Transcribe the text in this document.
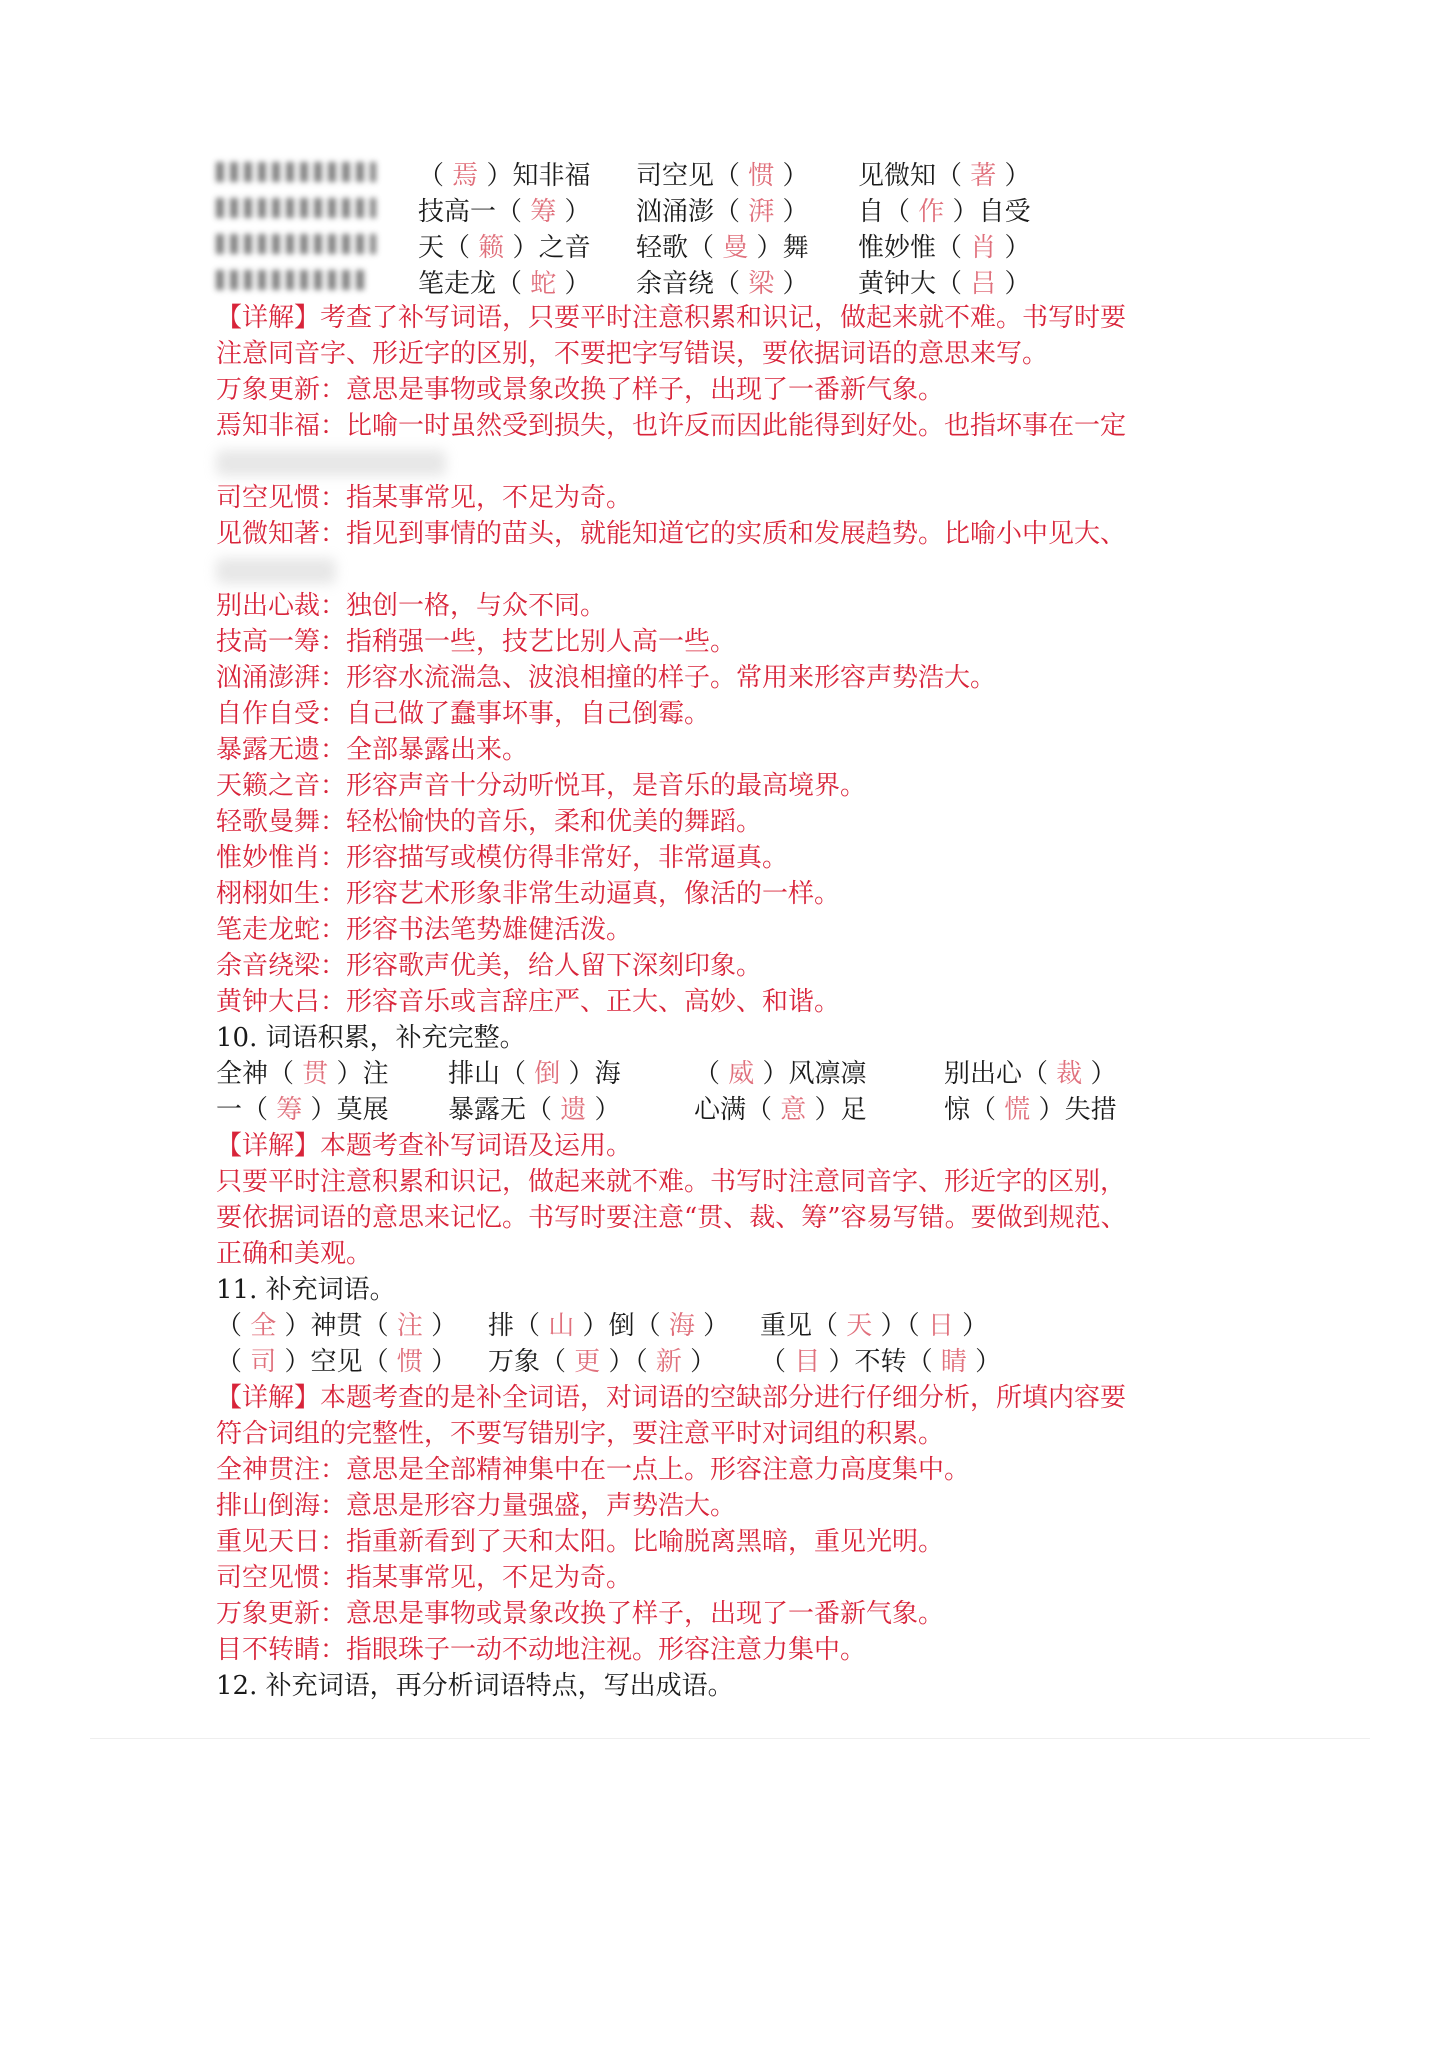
（ 焉 ）知非福 司空见（ 惯 ） 见微知（ 著 ）
技高一（ 筹 ） 汹涌澎（ 湃 ） 自（ 作 ）自受
天（ 籁 ）之音 轻歌（ 曼 ）舞 惟妙惟（ 肖 ）
笔走龙（ 蛇 ） 余音绕（ 梁 ） 黄钟大（ 吕 ）
【详解】考查了补写词语，只要平时注意积累和识记，做起来就不难。书写时要
注意同音字、形近字的区别，不要把字写错误，要依据词语的意思来写。
万象更新：意思是事物或景象改换了样子，出现了一番新气象。
焉知非福：比喻一时虽然受到损失，也许反而因此能得到好处。也指坏事在一定
司空见惯：指某事常见，不足为奇。
见微知著：指见到事情的苗头，就能知道它的实质和发展趋势。比喻小中见大、
别出心裁：独创一格，与众不同。
技高一筹：指稍强一些，技艺比别人高一些。
汹涌澎湃：形容水流湍急、波浪相撞的样子。常用来形容声势浩大。
自作自受：自己做了蠢事坏事，自己倒霉。
暴露无遗：全部暴露出来。
天籁之音：形容声音十分动听悦耳，是音乐的最高境界。
轻歌曼舞：轻松愉快的音乐，柔和优美的舞蹈。
惟妙惟肖：形容描写或模仿得非常好，非常逼真。
栩栩如生：形容艺术形象非常生动逼真，像活的一样。
笔走龙蛇：形容书法笔势雄健活泼。
余音绕梁：形容歌声优美，给人留下深刻印象。
黄钟大吕：形容音乐或言辞庄严、正大、高妙、和谐。
10. 词语积累，补充完整。
全神（ 贯 ）注 排山（ 倒 ）海	（ 威 ）风凛凛	别出心（ 裁 ）
一（ 筹 ）莫展 暴露无（ 遗 ）	心满（ 意 ）足	惊（ 慌 ）失措
【详解】本题考查补写词语及运用。
只要平时注意积累和识记，做起来就不难。书写时注意同音字、形近字的区别，
要依据词语的意思来记忆。书写时要注意“贯、裁、筹”容易写错。要做到规范、
正确和美观。
11. 补充词语。
（ 全 ）神贯（ 注 ） 排（ 山 ）倒（ 海 ） 重见（ 天 ）（ 日 ）
（ 司 ）空见（ 惯 ） 万象（ 更 ）（ 新 ） （ 目 ）不转（ 睛 ）
【详解】本题考查的是补全词语，对词语的空缺部分进行仔细分析，所填内容要
符合词组的完整性，不要写错别字，要注意平时对词组的积累。
全神贯注：意思是全部精神集中在一点上。形容注意力高度集中。
排山倒海：意思是形容力量强盛，声势浩大。
重见天日：指重新看到了天和太阳。比喻脱离黑暗，重见光明。
司空见惯：指某事常见，不足为奇。
万象更新：意思是事物或景象改换了样子，出现了一番新气象。
目不转睛：指眼珠子一动不动地注视。形容注意力集中。
12. 补充词语，再分析词语特点，写出成语。
